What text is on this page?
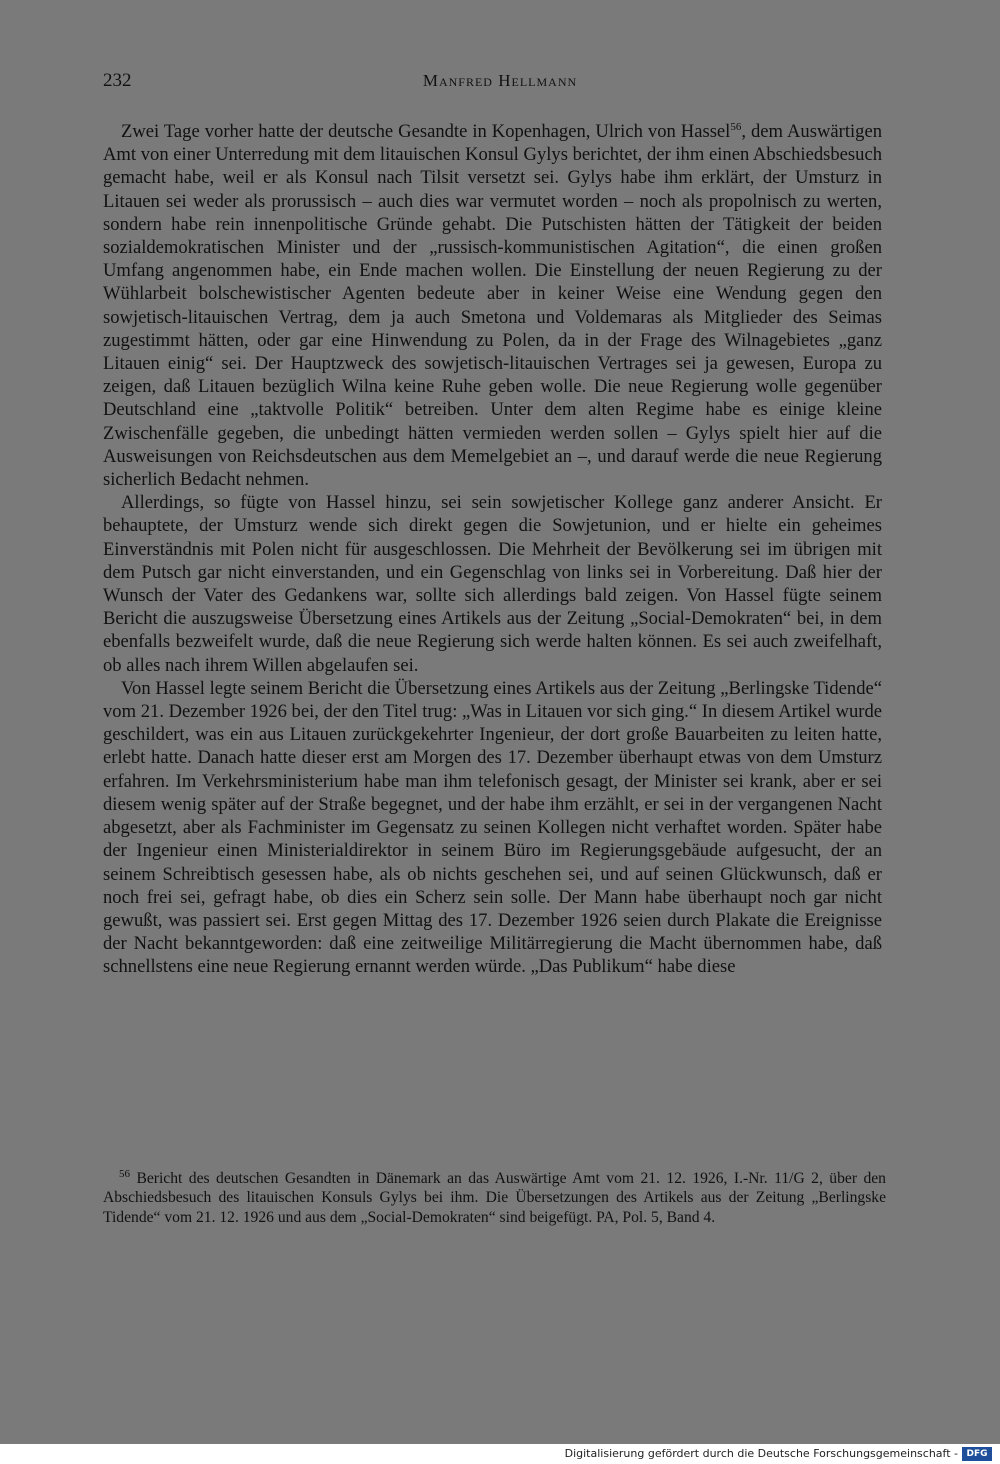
232	Manfred Hellmann

Zwei Tage vorher hatte der deutsche Gesandte in Kopenhagen, Ulrich von Hassel$^{56}$, dem Auswärtigen Amt von einer Unterredung mit dem litauischen Konsul Gylys berichtet, der ihm einen Abschiedsbesuch gemacht habe, weil er als Konsul nach Tilsit versetzt sei. Gylys habe ihm erklärt, der Umsturz in Litauen sei weder als prorussisch – auch dies war vermutet worden – noch als propolnisch zu werten, sondern habe rein innenpolitische Gründe gehabt. Die Putschisten hätten der Tätigkeit der beiden sozialdemokratischen Minister und der „russisch-kommunistischen Agitation“, die einen großen Umfang angenommen habe, ein Ende machen wollen. Die Einstellung der neuen Regierung zu der Wühlarbeit bolschewistischer Agenten bedeute aber in keiner Weise eine Wendung gegen den sowjetisch-litauischen Vertrag, dem ja auch Smetona und Voldemaras als Mitglieder des Seimas zugestimmt hätten, oder gar eine Hinwendung zu Polen, da in der Frage des Wilnagebietes „ganz Litauen einig“ sei. Der Hauptzweck des sowjetisch-litauischen Vertrages sei ja gewesen, Europa zu zeigen, daß Litauen bezüglich Wilna keine Ruhe geben wolle. Die neue Regierung wolle gegenüber Deutschland eine „taktvolle Politik“ betreiben. Unter dem alten Regime habe es einige kleine Zwischenfälle gegeben, die unbedingt hätten vermieden werden sollen – Gylys spielt hier auf die Ausweisungen von Reichsdeutschen aus dem Memelgebiet an –, und darauf werde die neue Regierung sicherlich Bedacht nehmen.

Allerdings, so fügte von Hassel hinzu, sei sein sowjetischer Kollege ganz anderer Ansicht. Er behauptete, der Umsturz wende sich direkt gegen die Sowjetunion, und er hielte ein geheimes Einverständnis mit Polen nicht für ausgeschlossen. Die Mehrheit der Bevölkerung sei im übrigen mit dem Putsch gar nicht einverstanden, und ein Gegenschlag von links sei in Vorbereitung. Daß hier der Wunsch der Vater des Gedankens war, sollte sich allerdings bald zeigen. Von Hassel fügte seinem Bericht die auszugsweise Übersetzung eines Artikels aus der Zeitung „Social-Demokraten“ bei, in dem ebenfalls bezweifelt wurde, daß die neue Regierung sich werde halten können. Es sei auch zweifelhaft, ob alles nach ihrem Willen abgelaufen sei.

Von Hassel legte seinem Bericht die Übersetzung eines Artikels aus der Zeitung „Berlingske Tidende“ vom 21. Dezember 1926 bei, der den Titel trug: „Was in Litauen vor sich ging.“ In diesem Artikel wurde geschildert, was ein aus Litauen zurückgekehrter Ingenieur, der dort große Bauarbeiten zu leiten hatte, erlebt hatte. Danach hatte dieser erst am Morgen des 17. Dezember überhaupt etwas von dem Umsturz erfahren. Im Verkehrsministerium habe man ihm telefonisch gesagt, der Minister sei krank, aber er sei diesem wenig später auf der Straße begegnet, und der habe ihm erzählt, er sei in der vergangenen Nacht abgesetzt, aber als Fachminister im Gegensatz zu seinen Kollegen nicht verhaftet worden. Später habe der Ingenieur einen Ministerialdirektor in seinem Büro im Regierungsgebäude aufgesucht, der an seinem Schreibtisch gesessen habe, als ob nichts geschehen sei, und auf seinen Glückwunsch, daß er noch frei sei, gefragt habe, ob dies ein Scherz sein solle. Der Mann habe überhaupt noch gar nicht gewußt, was passiert sei. Erst gegen Mittag des 17. Dezember 1926 seien durch Plakate die Ereignisse der Nacht bekanntgeworden: daß eine zeitweilige Militärregierung die Macht übernommen habe, daß schnellstens eine neue Regierung ernannt werden würde. „Das Publikum“ habe diese

$^{56}$ Bericht des deutschen Gesandten in Dänemark an das Auswärtige Amt vom 21. 12. 1926, I.-Nr. 11/G 2, über den Abschiedsbesuch des litauischen Konsuls Gylys bei ihm. Die Übersetzungen des Artikels aus der Zeitung „Berlingske Tidende“ vom 21. 12. 1926 und aus dem „Social-Demokraten“ sind beigefügt. PA, Pol. 5, Band 4.

Digitalisierung gefördert durch die Deutsche Forschungsgemeinschaft - DFG
